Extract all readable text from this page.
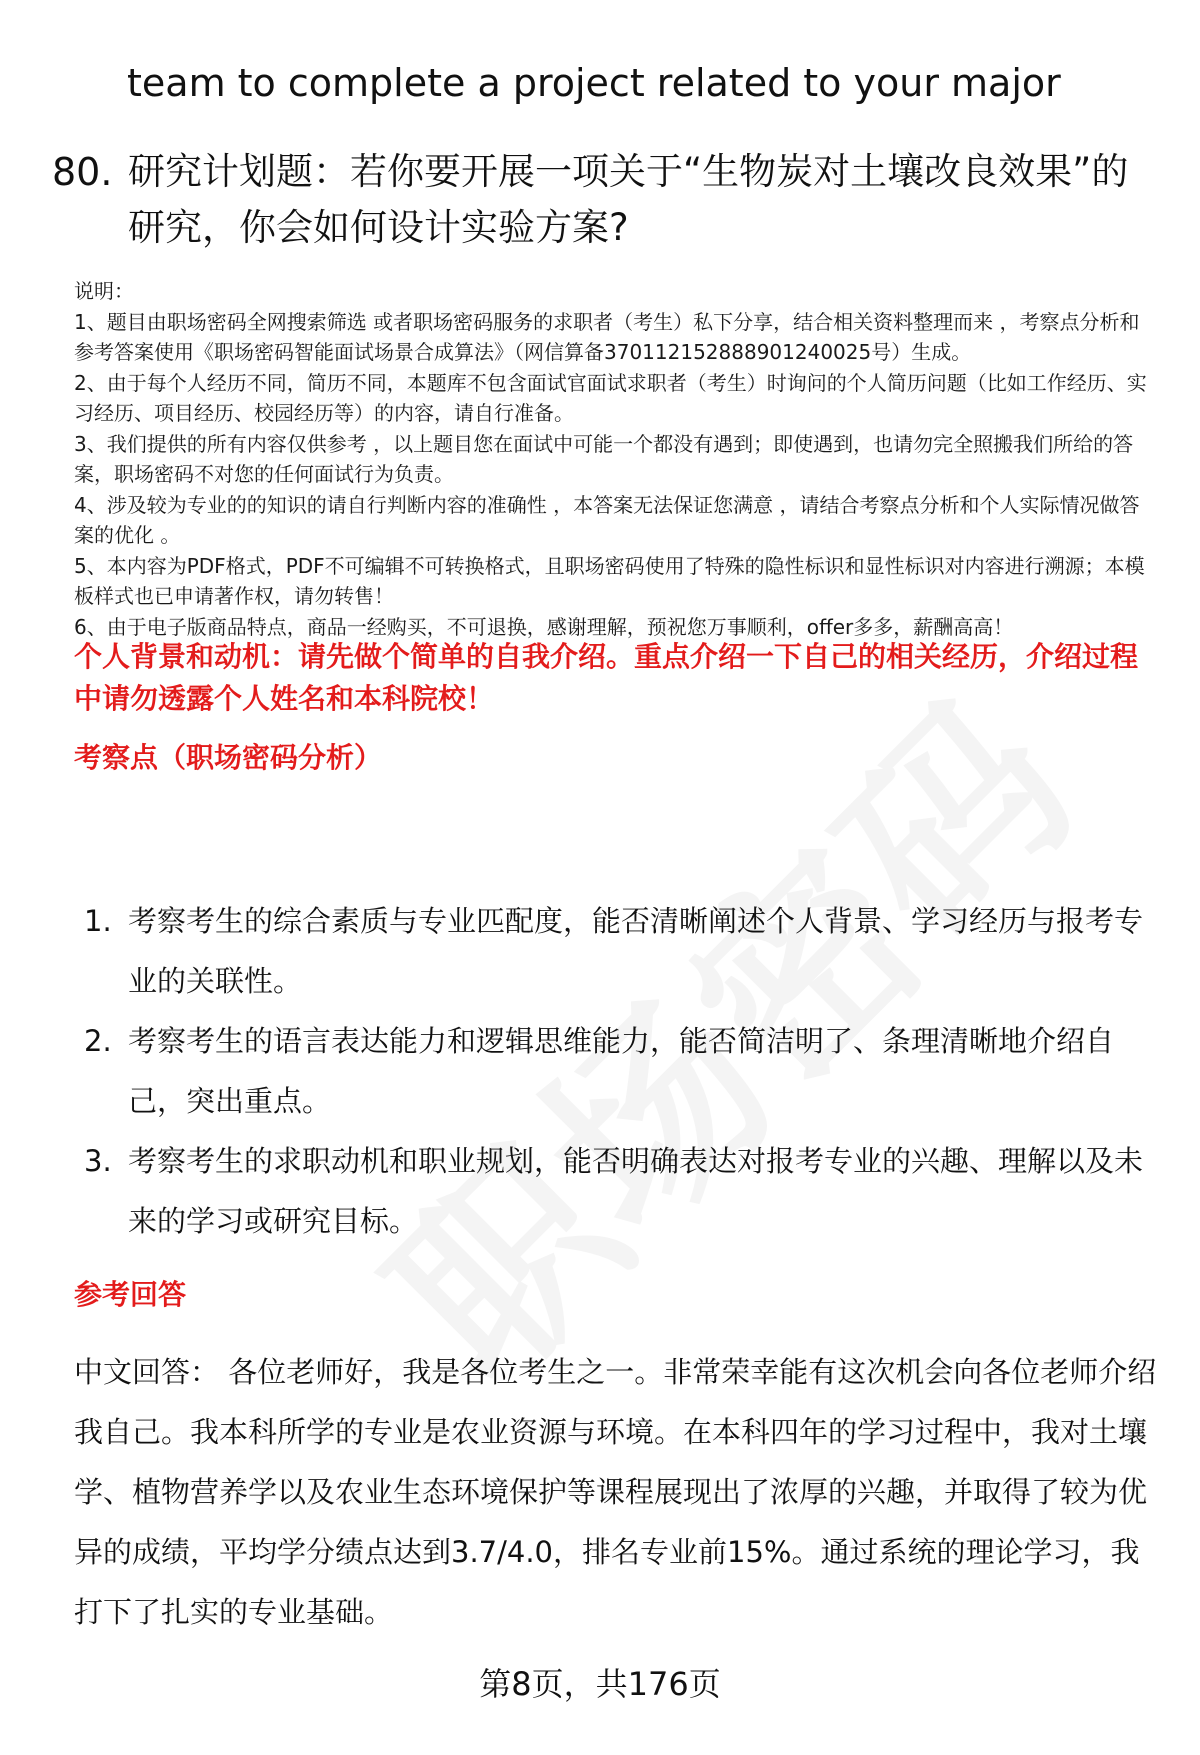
team to complete a project related to your major
80. 研究计划题：若你要开展一项关于“生物炭对土壤改良效果”的研究，你会如何设计实验方案?

说明：

1、题目由职场密码全网搜索筛选 或者职场密码服务的求职者（考生）私下分享，结合相关资料整理而来 ，考察点分析和参考答案使用《职场密码智能面试场景合成算法》（网信算备370112152888901240025号）生成。

2、由于每个人经历不同，简历不同，本题库不包含面试官面试求职者（考生）时询问的个人简历问题（比如工作经历、实习经历、项目经历、校园经历等）的内容，请自行准备。

3、我们提供的所有内容仅供参考 ，以上题目您在面试中可能一个都没有遇到；即使遇到，也请勿完全照搬我们所给的答案，职场密码不对您的任何面试行为负责。

4、涉及较为专业的的知识的请自行判断内容的准确性 ，本答案无法保证您满意 ，请结合考察点分析和个人实际情况做答案的优化 。

5、本内容为PDF格式，PDF不可编辑不可转换格式，且职场密码使用了特殊的隐性标识和显性标识对内容进行溯源；本模板样式也已申请著作权，请勿转售！

6、由于电子版商品特点，商品一经购买，不可退换，感谢理解，预祝您万事顺利，offer多多，薪酬高高！

个人背景和动机：请先做个简单的自我介绍。重点介绍一下自己的相关经历，介绍过程中请勿透露个人姓名和本科院校！

考察点（职场密码分析）

1. 考察考生的综合素质与专业匹配度，能否清晰阐述个人背景、学习经历与报考专业的关联性。
2. 考察考生的语言表达能力和逻辑思维能力，能否简洁明了、条理清晰地介绍自己，突出重点。
3. 考察考生的求职动机和职业规划，能否明确表达对报考专业的兴趣、理解以及未来的学习或研究目标。

参考回答

中文回答： 各位老师好，我是各位考生之一。非常荣幸能有这次机会向各位老师介绍我自己。我本科所学的专业是农业资源与环境。在本科四年的学习过程中，我对土壤学、植物营养学以及农业生态环境保护等课程展现出了浓厚的兴趣，并取得了较为优异的成绩，平均学分绩点达到3.7/4.0，排名专业前15%。通过系统的理论学习，我打下了扎实的专业基础。

第8页，共176页
